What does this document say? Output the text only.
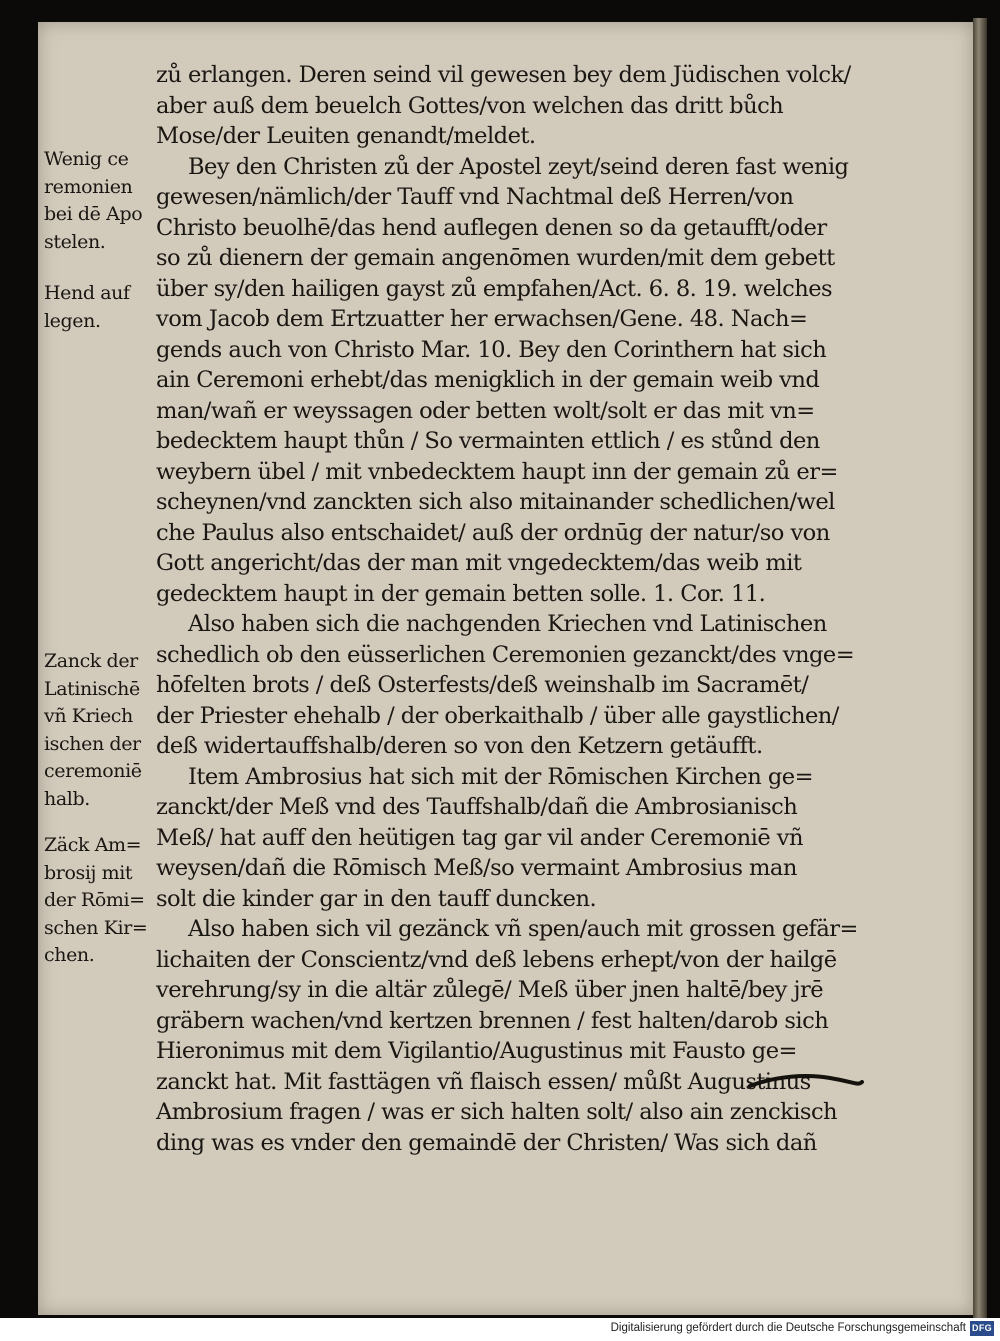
zů erlangen. Deren seind vil gewesen bey dem Jüdischen volck/
aber auß dem beuelch Gottes/von welchen das dritt bůch
Mose/der Leuiten genandt/meldet.
Bey den Christen zů der Apostel zeyt/seind deren fast wenig
gewesen/nämlich/der Tauff vnd Nachtmal deß Herren/von
Christo beuolhē/das hend auflegen denen so da getaufft/oder
so zů dienern der gemain angenōmen wurden/mit dem gebett
über sy/den hailigen gayst zů empfahen/Act. 6. 8. 19. welches
vom Jacob dem Ertzuatter her erwachsen/Gene. 48. Nach=
gends auch von Christo Mar. 10. Bey den Corinthern hat sich
ain Ceremoni erhebt/das menigklich in der gemain weib vnd
man/wañ er weyssagen oder betten wolt/solt er das mit vn=
bedecktem haupt thůn / So vermainten ettlich / es stůnd den
weybern übel / mit vnbedecktem haupt inn der gemain zů er=
scheynen/vnd zanckten sich also mitainander schedlichen/wel
che Paulus also entschaidet/ auß der ordnūg der natur/so von
Gott angericht/das der man mit vngedecktem/das weib mit
gedecktem haupt in der gemain betten solle. 1. Cor. 11.
Also haben sich die nachgenden Kriechen vnd Latinischen
schedlich ob den eüsserlichen Ceremonien gezanckt/des vnge=
hōfelten brots / deß Osterfests/deß weinshalb im Sacramēt/
der Priester ehehalb / der oberkaithalb / über alle gaystlichen/
deß widertauffshalb/deren so von den Ketzern getäufft.
Item Ambrosius hat sich mit der Rōmischen Kirchen ge=
zanckt/der Meß vnd des Tauffshalb/dañ die Ambrosianisch
Meß/ hat auff den heütigen tag gar vil ander Ceremoniē vñ
weysen/dañ die Rōmisch Meß/so vermaint Ambrosius man
solt die kinder gar in den tauff duncken.
Also haben sich vil gezänck vñ spen/auch mit grossen gefär=
lichaiten der Conscientz/vnd deß lebens erhept/von der hailgē
verehrung/sy in die altär zůlegē/ Meß über jnen haltē/bey jrē
gräbern wachen/vnd kertzen brennen / fest halten/darob sich
Hieronimus mit dem Vigilantio/Augustinus mit Fausto ge=
zanckt hat. Mit fasttägen vñ flaisch essen/ můßt Augustinus
Ambrosium fragen / was er sich halten solt/ also ain zenckisch
ding was es vnder den gemaindē der Christen/ Was sich dañ
Wenig ce
remonien
bei dē Apo
stelen.
Hend auf
legen.
Zanck der
Latinischē
vñ Kriech
ischen der
ceremoniē
halb.
Zäck Am=
brosij mit
der Rōmi=
schen Kir=
chen.
Digitalisierung gefördert durch die Deutsche Forschungsgemeinschaft DFG
